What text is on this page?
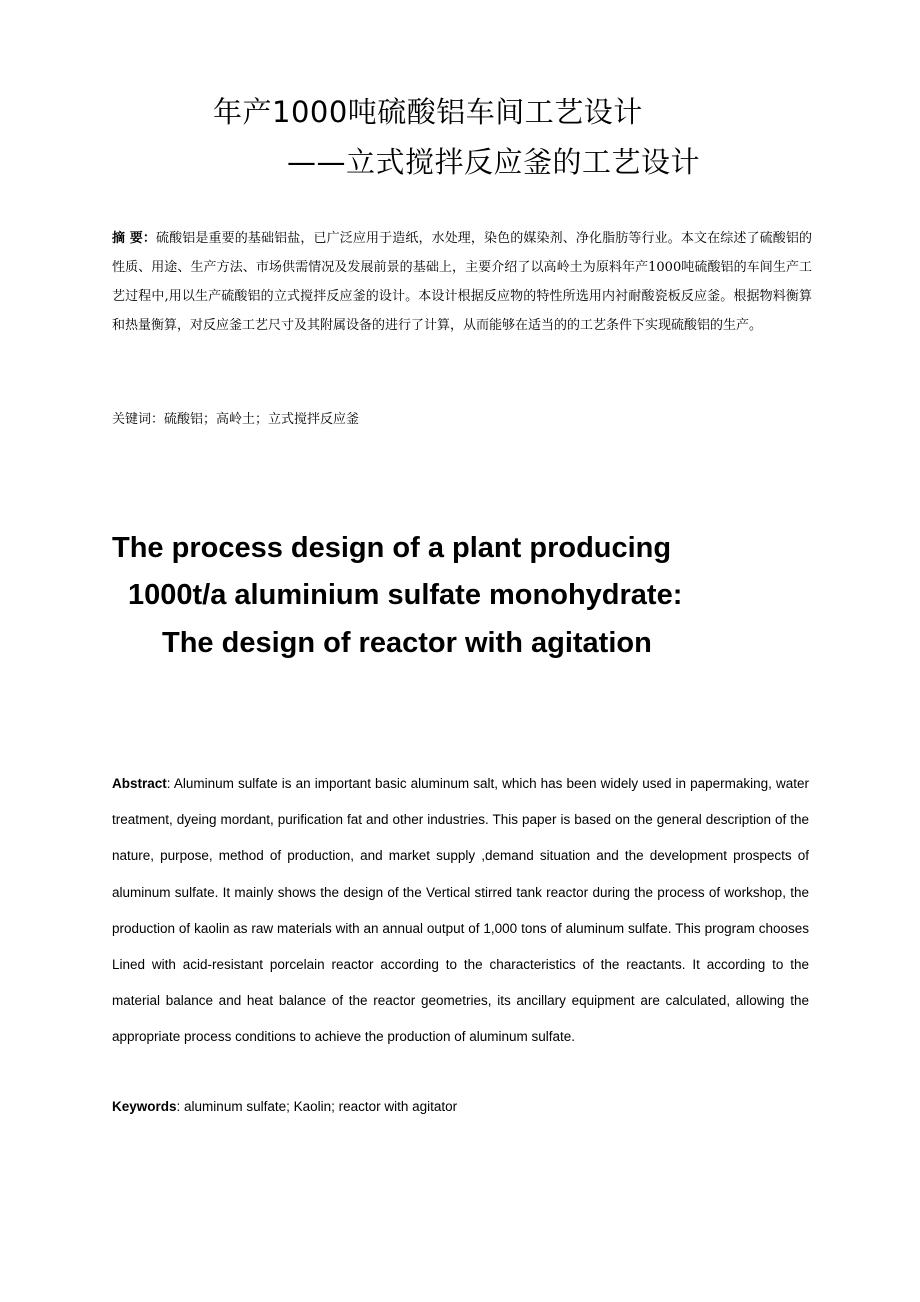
年产1000吨硫酸铝车间工艺设计
——立式搅拌反应釜的工艺设计
摘 要：硫酸铝是重要的基础铝盐，已广泛应用于造纸，水处理，染色的媒染剂、净化脂肪等行业。本文在综述了硫酸铝的性质、用途、生产方法、市场供需情况及发展前景的基础上，主要介绍了以高岭土为原料年产1000吨硫酸铝的车间生产工艺过程中,用以生产硫酸铝的立式搅拌反应釜的设计。本设计根据反应物的特性所选用内衬耐酸瓷板反应釜。根据物料衡算和热量衡算，对反应釜工艺尺寸及其附属设备的进行了计算，从而能够在适当的的工艺条件下实现硫酸铝的生产。
关键词：硫酸铝；高岭土；立式搅拌反应釜
The process design of a plant producing
1000t/a aluminium sulfate monohydrate:
The design of reactor with agitation
Abstract: Aluminum sulfate is an important basic aluminum salt, which has been widely used in papermaking, water treatment, dyeing mordant, purification fat and other industries. This paper is based on the general description of the nature, purpose, method of production, and market supply ,demand situation and the development prospects of aluminum sulfate. It mainly shows the design of the Vertical stirred tank reactor during the process of workshop, the production of kaolin as raw materials with an annual output of 1,000 tons of aluminum sulfate. This program chooses Lined with acid-resistant porcelain reactor according to the characteristics of the reactants. It according to the material balance and heat balance of the reactor geometries, its ancillary equipment are calculated, allowing the appropriate process conditions to achieve the production of aluminum sulfate.
Keywords: aluminum sulfate; Kaolin; reactor with agitator
